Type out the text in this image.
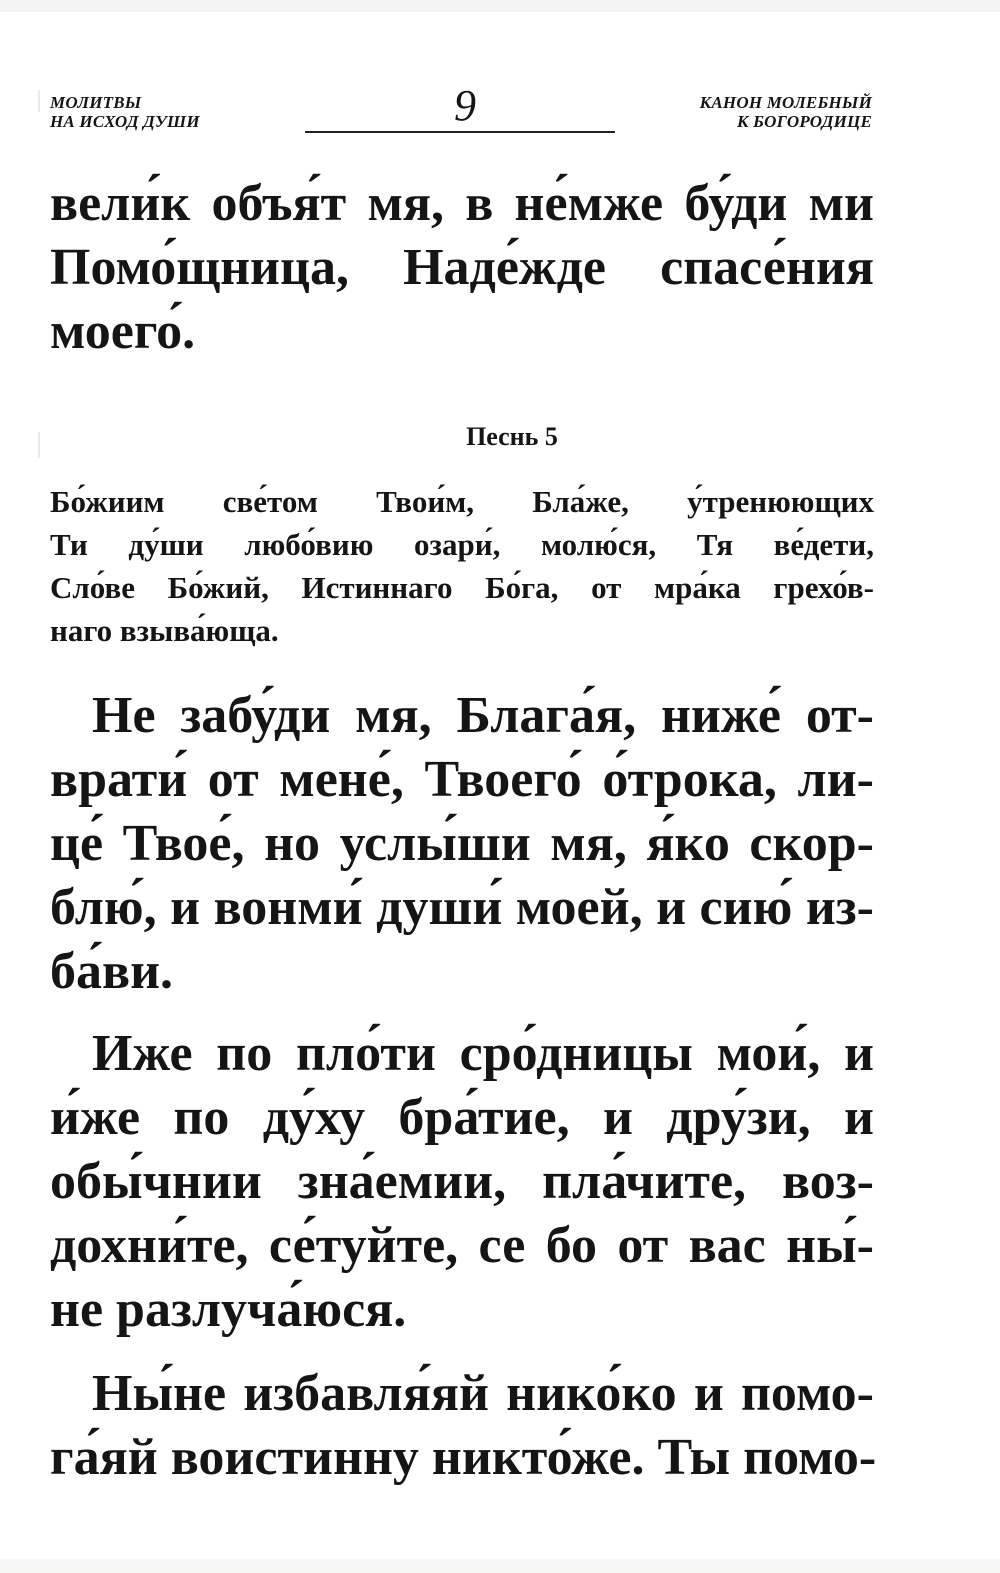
МОЛИТВЫ
НА ИСХОД ДУШИ	9	КАНОН МОЛЕБНЫЙ
К БОГОРОДИЦЕ
вели́к объя́т мя, в не́мже бу́ди ми
Помо́щница, Наде́жде спасе́ния
моего́.
Песнь 5
Бо́жиим све́том Твои́м, Бла́же, у́тренюющих
Ти ду́ши любо́вию озари́, молю́ся, Тя ве́дети,
Сло́ве Бо́жий, Истиннаго Бо́га, от мра́ка грехо́в-
наго взыва́юща.
Не забу́ди мя, Блага́я, ниже́ от-
врати́ от мене́, Твоего́ о́трока, ли-
це́ Твое́, но услы́ши мя, я́ко скор-
блю́, и вонми́ души́ моей, и сию́ из-
ба́ви.
Иже по пло́ти сро́дницы мои́, и
и́же по ду́ху бра́тие, и дру́зи, и
обы́чнии зна́емии, пла́чите, воз-
дохни́те, се́туйте, се бо от вас ны́-
не разлуча́юся.
Ны́не избавля́яй нико́ко и помо-
га́яй воистинну никто́же. Ты помо-
